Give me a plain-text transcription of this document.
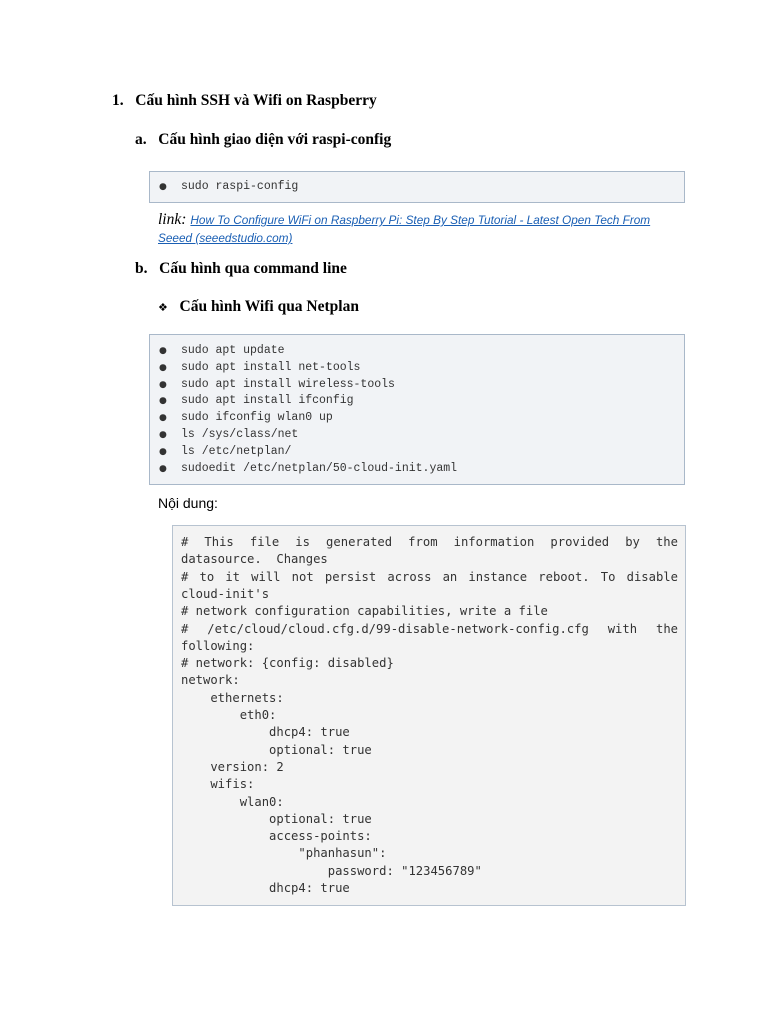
1. Cấu hình SSH và Wifi on Raspberry
a. Cấu hình giao diện với raspi-config
● sudo raspi-config
link: How To Configure WiFi on Raspberry Pi: Step By Step Tutorial - Latest Open Tech From
Seeed (seeedstudio.com)
b. Cấu hình qua command line
❖ Cấu hình Wifi qua Netplan
● sudo apt update
● sudo apt install net-tools
● sudo apt install wireless-tools
● sudo apt install ifconfig
● sudo ifconfig wlan0 up
● ls /sys/class/net
● ls /etc/netplan/
● sudoedit /etc/netplan/50-cloud-init.yaml
Nội dung:
# This file is generated from information provided by the
datasource.  Changes
# to it will not persist across an instance reboot. To disable
cloud-init's
# network configuration capabilities, write a file
# /etc/cloud/cloud.cfg.d/99-disable-network-config.cfg with the
following:
# network: {config: disabled}
network:
ethernets:
eth0:
dhcp4: true
optional: true
version: 2
wifis:
wlan0:
optional: true
access-points:
"phanhasun":
password: "123456789"
dhcp4: true
